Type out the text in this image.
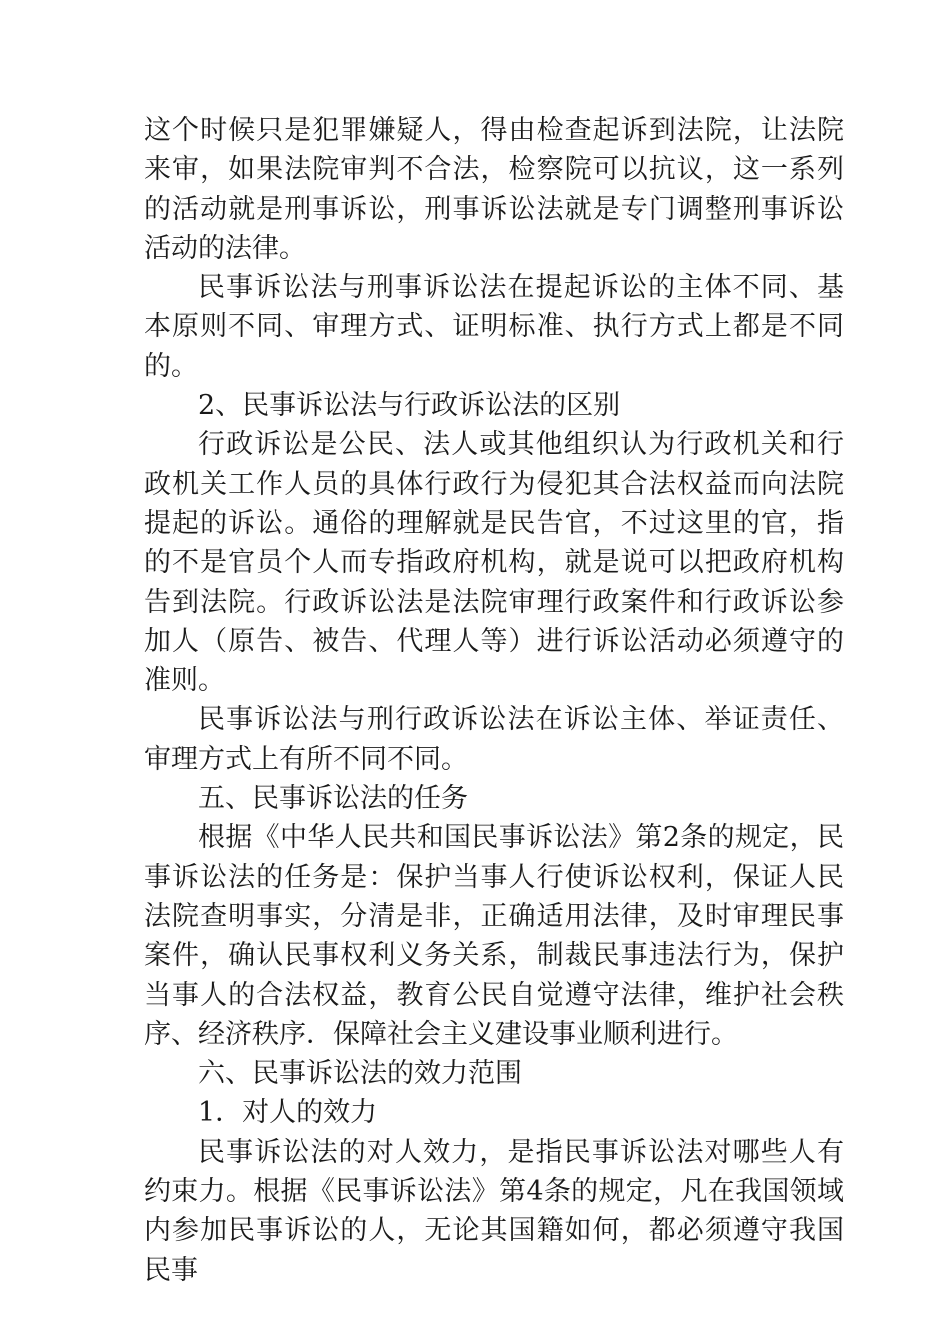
这个时候只是犯罪嫌疑人，得由检查起诉到法院，让法院来审，如果法院审判不合法，检察院可以抗议，这一系列的活动就是刑事诉讼，刑事诉讼法就是专门调整刑事诉讼活动的法律。

民事诉讼法与刑事诉讼法在提起诉讼的主体不同、基本原则不同、审理方式、证明标准、执行方式上都是不同的。

2、民事诉讼法与行政诉讼法的区别

行政诉讼是公民、法人或其他组织认为行政机关和行政机关工作人员的具体行政行为侵犯其合法权益而向法院提起的诉讼。通俗的理解就是民告官，不过这里的官，指的不是官员个人而专指政府机构，就是说可以把政府机构告到法院。行政诉讼法是法院审理行政案件和行政诉讼参加人（原告、被告、代理人等）进行诉讼活动必须遵守的准则。

民事诉讼法与刑行政诉讼法在诉讼主体、举证责任、审理方式上有所不同不同。

五、民事诉讼法的任务

根据《中华人民共和国民事诉讼法》第2条的规定，民事诉讼法的任务是：保护当事人行使诉讼权利，保证人民法院查明事实，分清是非，正确适用法律，及时审理民事案件，确认民事权利义务关系，制裁民事违法行为，保护当事人的合法权益，教育公民自觉遵守法律，维护社会秩序、经济秩序．保障社会主义建设事业顺利进行。

六、民事诉讼法的效力范围

1．对人的效力

民事诉讼法的对人效力，是指民事诉讼法对哪些人有约束力。根据《民事诉讼法》第4条的规定，凡在我国领域内参加民事诉讼的人，无论其国籍如何，都必须遵守我国民事
